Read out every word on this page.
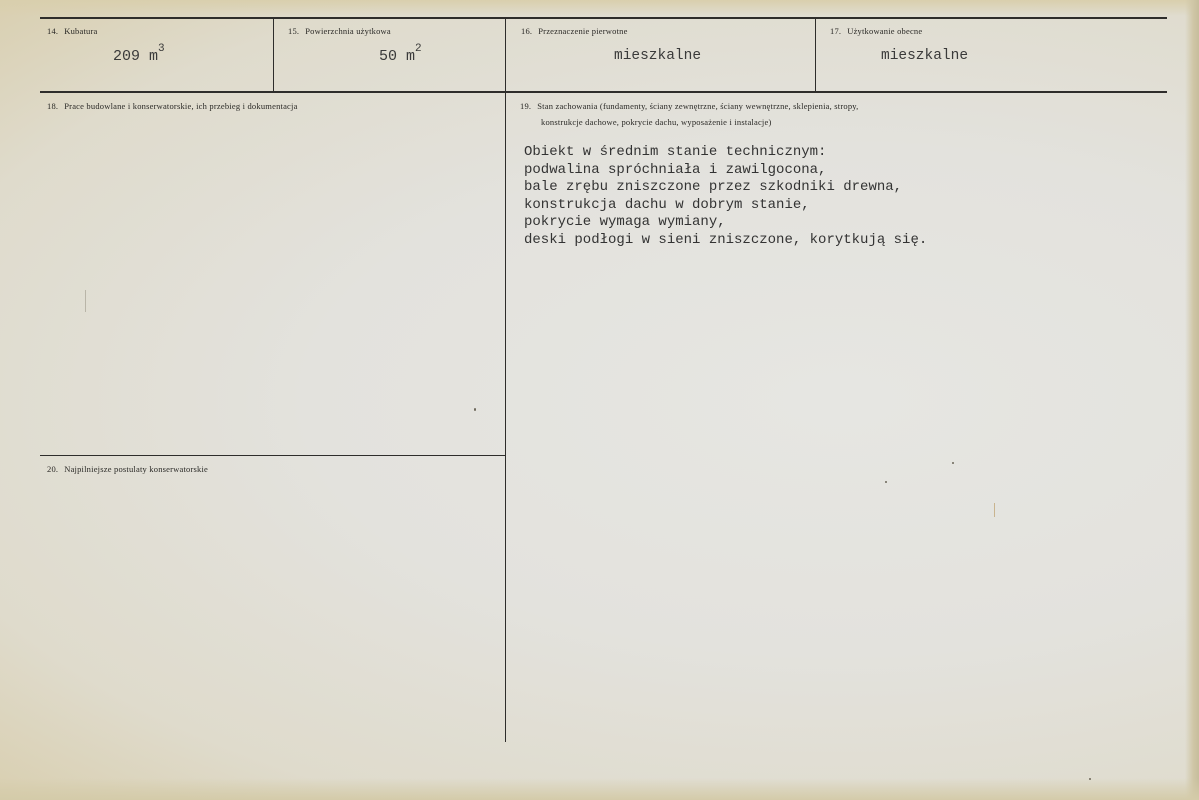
14. Kubatura
209 $m^3$
15. Powierzchnia użytkowa
50 $m^2$
16. Przeznaczenie pierwotne
mieszkalne
17. Użytkowanie obecne
mieszkalne
18. Prace budowlane i konserwatorskie, ich przebieg i dokumentacja	19. Stan zachowania (fundamenty, ściany zewnętrzne, ściany wewnętrzne, sklepienia, stropy,
konstrukcje dachowe, pokrycie dachu, wyposażenie i instalacje)
Obiekt w średnim stanie technicznym:
podwalina spróchniała i zawilgocona,
bale zrębu zniszczone przez szkodniki drewna,
konstrukcja dachu w dobrym stanie,
pokrycie wymaga wymiany,
deski podłogi w sieni zniszczone, korytkują się.
20. Najpilniejsze postulaty konserwatorskie
